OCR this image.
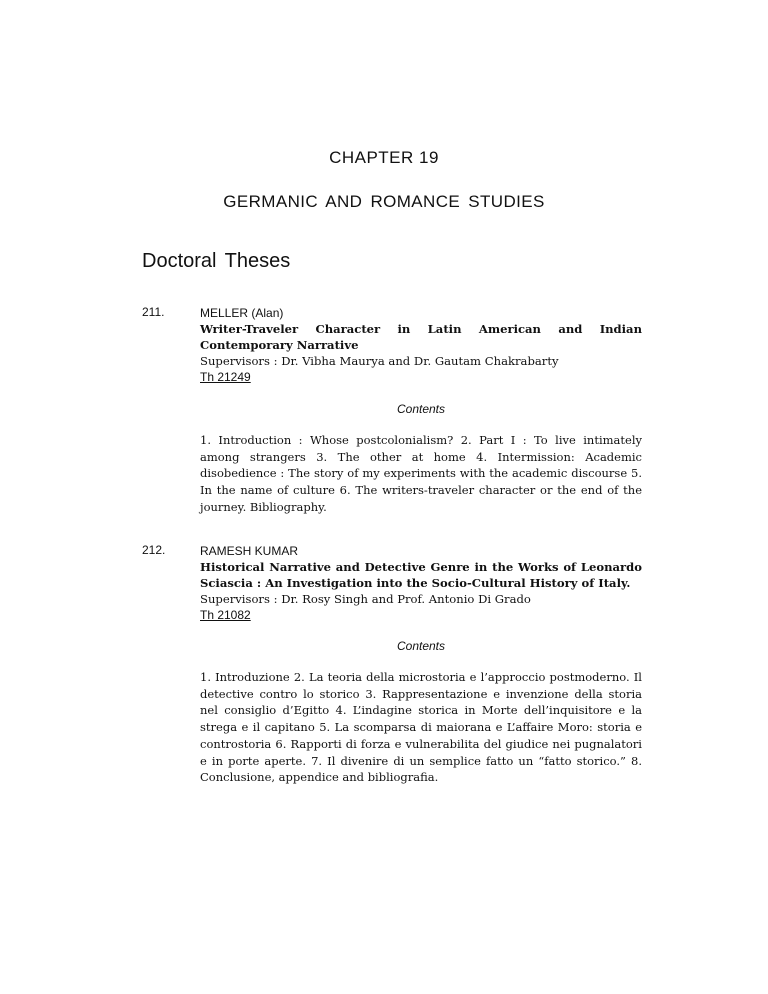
CHAPTER 19
GERMANIC AND ROMANCE STUDIES
Doctoral Theses
211.	MELLER (Alan)

Writer-Traveler Character in Latin American and Indian Contemporary Narrative

Supervisors : Dr. Vibha Maurya and Dr. Gautam Chakrabarty

Th 21249

Contents

1. Introduction : Whose postcolonialism? 2. Part I : To live intimately among strangers 3. The other at home 4. Intermission: Academic disobedience : The story of my experiments with the academic discourse 5. In the name of culture 6. The writers-traveler character or the end of the journey. Bibliography.

212.	RAMESH KUMAR

Historical Narrative and Detective Genre in the Works of Leonardo Sciascia : An Investigation into the Socio-Cultural History of Italy.

Supervisors : Dr. Rosy Singh and Prof. Antonio Di Grado

Th 21082

Contents

1. Introduzione 2. La teoria della microstoria e l’approccio postmoderno. Il detective contro lo storico 3. Rappresentazione e invenzione della storia nel consiglio d’Egitto 4. L’indagine storica in Morte dell’inquisitore e la strega e il capitano 5. La scomparsa di maiorana e L’affaire Moro: storia e controstoria 6. Rapporti di forza e vulnerabilita del giudice nei pugnalatori e in porte aperte. 7. Il divenire di un semplice fatto un “fatto storico.” 8. Conclusione, appendice and bibliografia.
